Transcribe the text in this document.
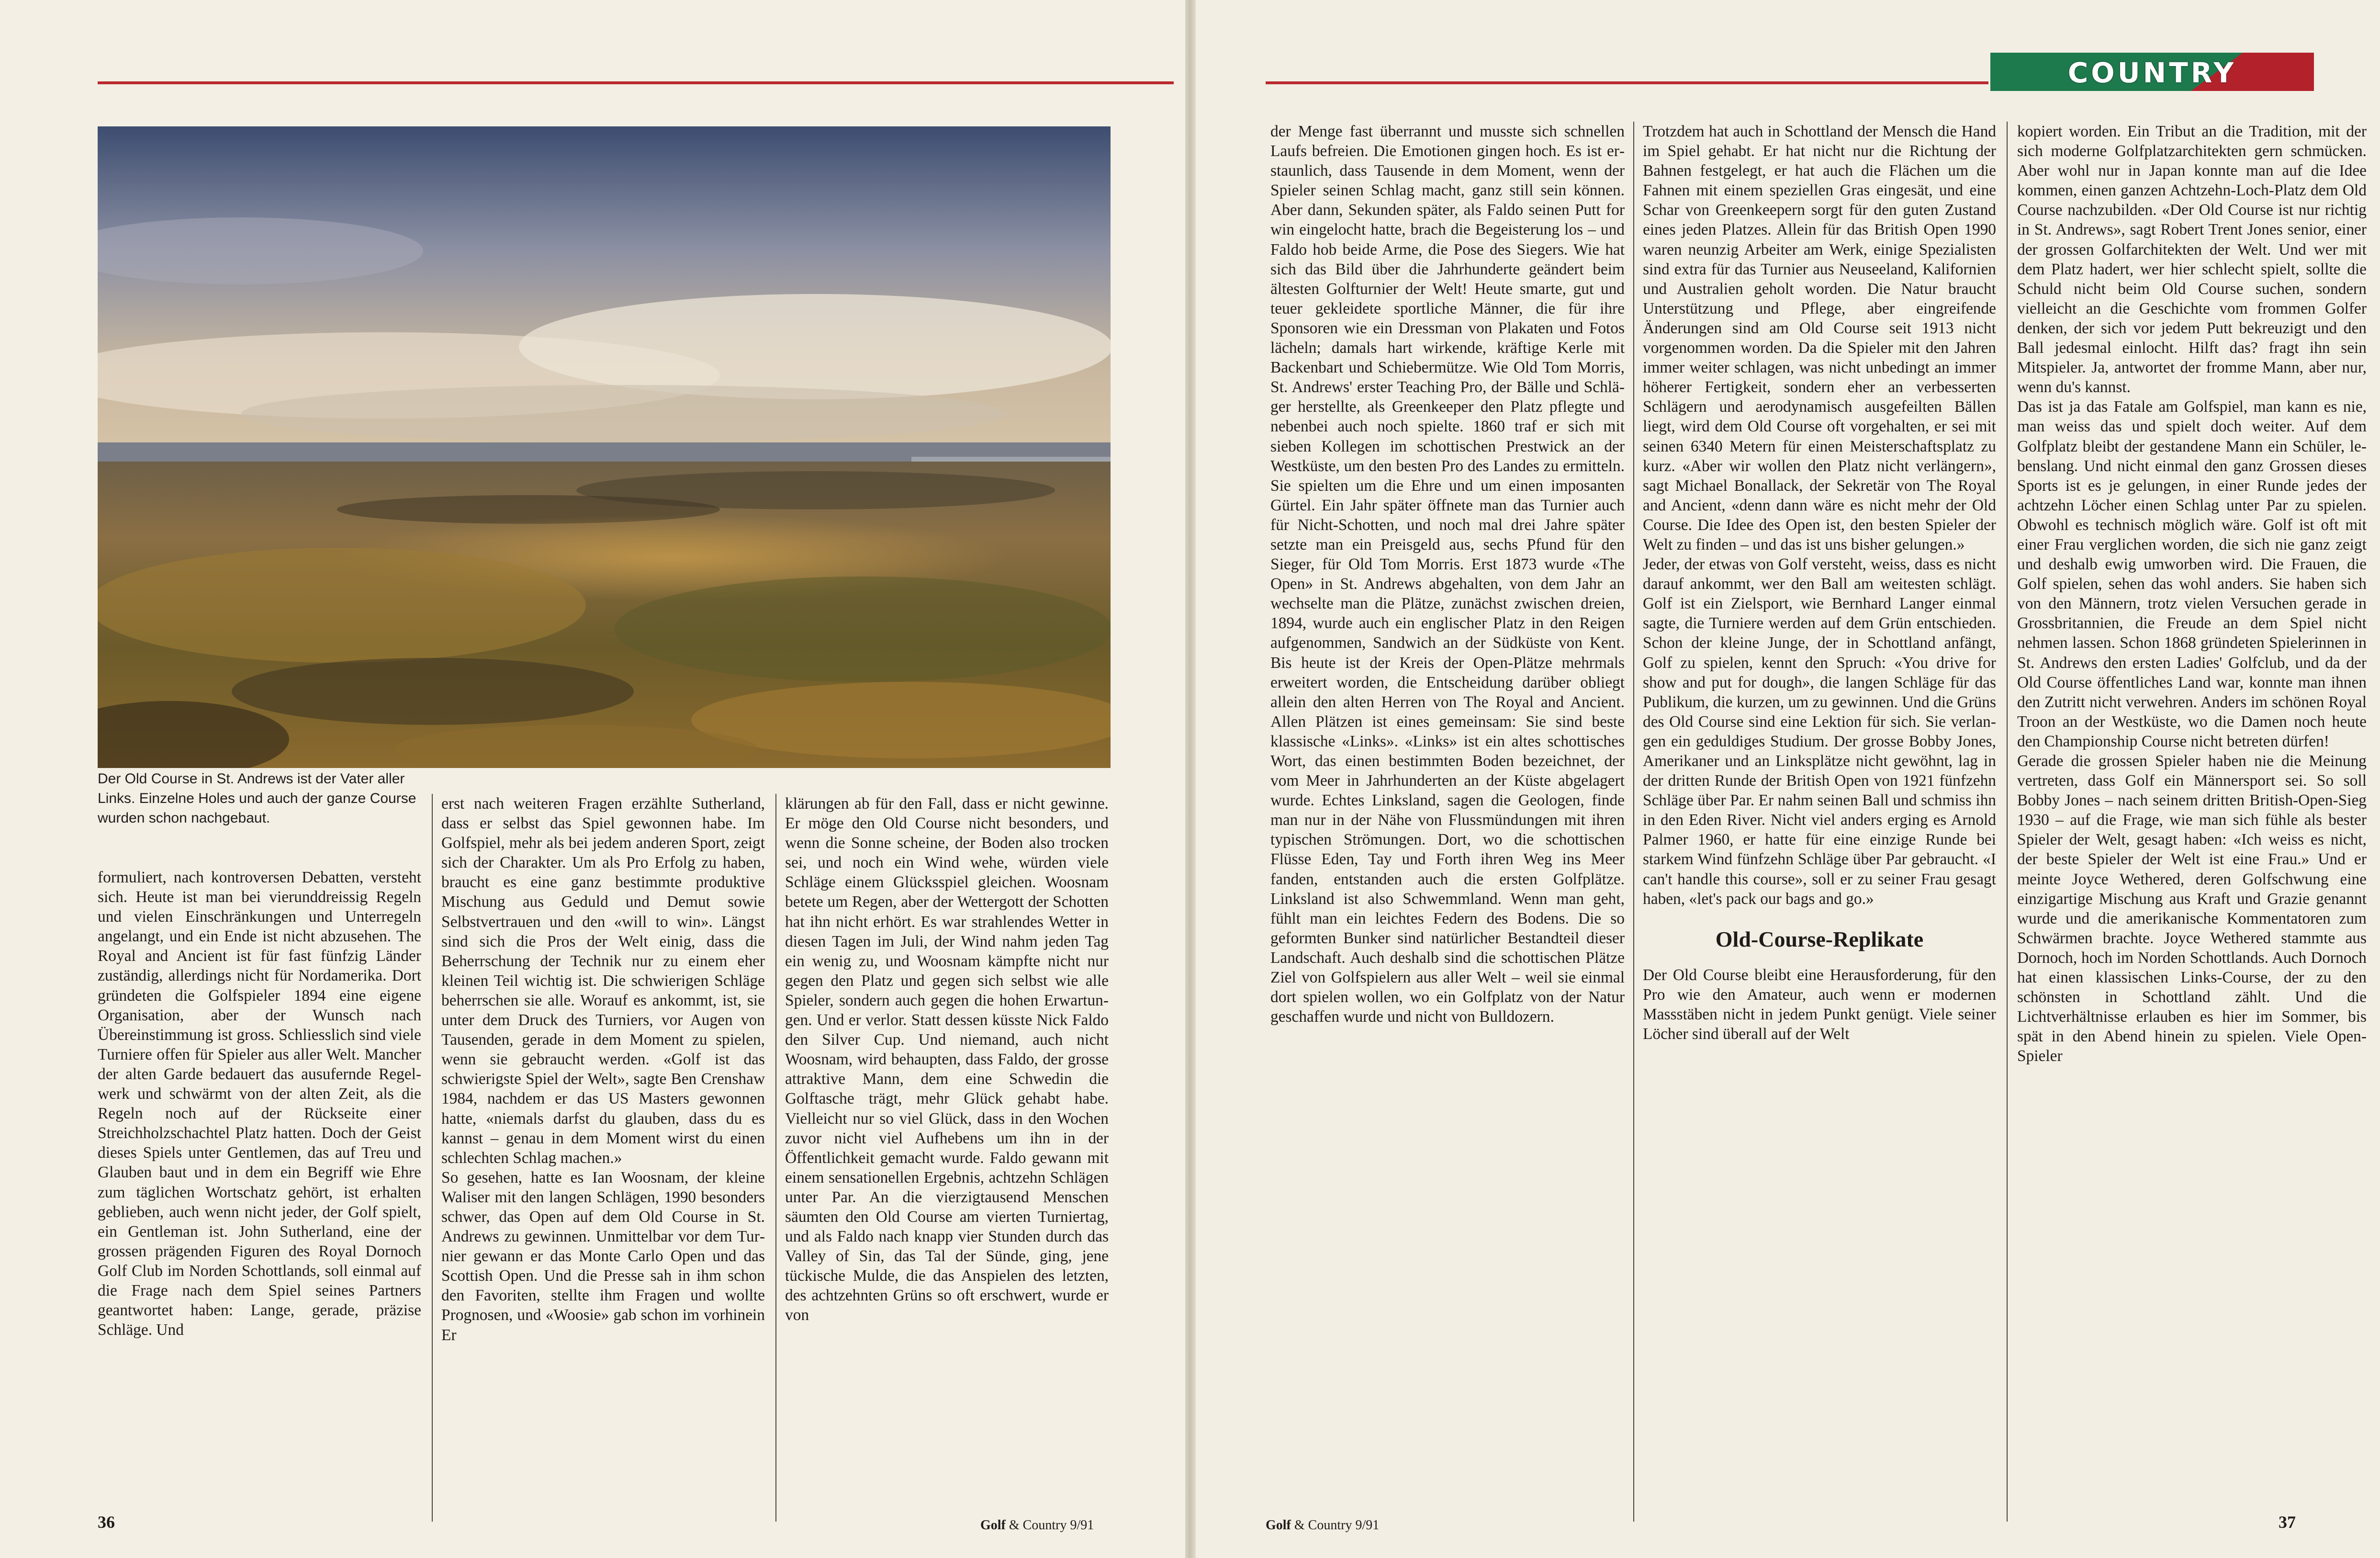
COUNTRY
Der Old Course in St. Andrews ist der Vater aller Links. Einzelne Holes und auch der ganze Course wurden schon nachgebaut.

formuliert, nach kontroversen Debatten, versteht sich. Heute ist man bei vierunddreissig Regeln und vielen Einschränkungen und Unterregeln angelangt, und ein Ende ist nicht abzusehen. The Royal and Ancient ist für fast fünfzig Länder zuständig, allerdings nicht für Nordamerika. Dort gründeten die Golfspieler 1894 eine eigene Organisation, aber der Wunsch nach Übereinstimmung ist gross. Schliesslich sind viele Turniere offen für Spieler aus aller Welt. Mancher der alten Garde bedauert das ausufernde Regelwerk und schwärmt von der alten Zeit, als die Regeln noch auf der Rückseite einer Streichholzschachtel Platz hatten. Doch der Geist dieses Spiels unter Gentlemen, das auf Treu und Glauben baut und in dem ein Begriff wie Ehre zum täglichen Wortschatz gehört, ist erhalten geblieben, auch wenn nicht jeder, der Golf spielt, ein Gentleman ist. John Sutherland, eine der grossen prägenden Figuren des Royal Dornoch Golf Club im Norden Schottlands, soll einmal auf die Frage nach dem Spiel seines Partners geantwortet haben: Lange, gerade, präzise Schläge. Und

erst nach weiteren Fragen erzählte Sutherland, dass er selbst das Spiel gewonnen habe. Im Golfspiel, mehr als bei jedem anderen Sport, zeigt sich der Charakter. Um als Pro Erfolg zu haben, braucht es eine ganz bestimmte produktive Mischung aus Geduld und Demut sowie Selbstvertrauen und den «will to win». Längst sind sich die Pros der Welt einig, dass die Beherrschung der Technik nur zu einem eher kleinen Teil wichtig ist. Die schwierigen Schläge beherrschen sie alle. Worauf es ankommt, ist, sie unter dem Druck des Turniers, vor Augen von Tausenden, gerade in dem Moment zu spielen, wenn sie gebraucht werden. «Golf ist das schwierigste Spiel der Welt», sagte Ben Crenshaw 1984, nachdem er das US Masters gewonnen hatte, «niemals darfst du glauben, dass du es kannst – genau in dem Moment wirst du einen schlechten Schlag machen.»

So gesehen, hatte es Ian Woosnam, der kleine Waliser mit den langen Schlägen, 1990 besonders schwer, das Open auf dem Old Course in St. Andrews zu gewinnen. Unmittelbar vor dem Turnier gewann er das Monte Carlo Open und das Scottish Open. Und die Presse sah in ihm schon den Favoriten, stellte ihm Fragen und wollte Prognosen, und «Woosie» gab schon im vorhinein Er

klärungen ab für den Fall, dass er nicht gewinne. Er möge den Old Course nicht besonders, und wenn die Sonne scheine, der Boden also trocken sei, und noch ein Wind wehe, würden viele Schläge einem Glücksspiel gleichen. Woosnam betete um Regen, aber der Wettergott der Schotten hat ihn nicht erhört. Es war strahlendes Wetter in diesen Tagen im Juli, der Wind nahm jeden Tag ein wenig zu, und Woosnam kämpfte nicht nur gegen den Platz und gegen sich selbst wie alle Spieler, sondern auch gegen die hohen Erwartungen. Und er verlor. Statt dessen küsste Nick Faldo den Silver Cup. Und niemand, auch nicht Woosnam, wird behaupten, dass Faldo, der grosse attraktive Mann, dem eine Schwedin die Golftasche trägt, mehr Glück gehabt habe. Vielleicht nur so viel Glück, dass in den Wochen zuvor nicht viel Aufhebens um ihn in der Öffentlichkeit gemacht wurde. Faldo gewann mit einem sensationellen Ergebnis, achtzehn Schlägen unter Par. An die vierzigtausend Menschen säumten den Old Course am vierten Turniertag, und als Faldo nach knapp vier Stunden durch das Valley of Sin, das Tal der Sünde, ging, jene tückische Mulde, die das Anspielen des letzten, des achtzehnten Grüns so oft erschwert, wurde er von

der Menge fast überrannt und musste sich schnellen Laufs befreien. Die Emotionen gingen hoch. Es ist erstaunlich, dass Tausende in dem Moment, wenn der Spieler seinen Schlag macht, ganz still sein können. Aber dann, Sekunden später, als Faldo seinen Putt for win eingelocht hatte, brach die Begeisterung los – und Faldo hob beide Arme, die Pose des Siegers. Wie hat sich das Bild über die Jahrhunderte geändert beim ältesten Golfturnier der Welt! Heute smarte, gut und teuer gekleidete sportliche Männer, die für ihre Sponsoren wie ein Dressman von Plakaten und Fotos lächeln; damals hart wirkende, kräftige Kerle mit Backenbart und Schiebermütze. Wie Old Tom Morris, St. Andrews' erster Teaching Pro, der Bälle und Schläger herstellte, als Greenkeeper den Platz pflegte und nebenbei auch noch spielte. 1860 traf er sich mit sieben Kollegen im schottischen Prestwick an der Westküste, um den besten Pro des Landes zu ermitteln. Sie spielten um die Ehre und um einen imposanten Gürtel. Ein Jahr später öffnete man das Turnier auch für Nicht-Schotten, und noch mal drei Jahre später setzte man ein Preisgeld aus, sechs Pfund für den Sieger, für Old Tom Morris. Erst 1873 wurde «The Open» in St. Andrews abgehalten, von dem Jahr an wechselte man die Plätze, zunächst zwischen dreien, 1894, wurde auch ein englischer Platz in den Reigen aufgenommen, Sandwich an der Südküste von Kent. Bis heute ist der Kreis der Open-Plätze mehrmals erweitert worden, die Entscheidung darüber obliegt allein den alten Herren von The Royal and Ancient. Allen Plätzen ist eines gemeinsam: Sie sind beste klassische «Links». «Links» ist ein altes schottisches Wort, das einen bestimmten Boden bezeichnet, der vom Meer in Jahrhunderten an der Küste abgelagert wurde. Echtes Linksland, sagen die Geologen, finde man nur in der Nähe von Flussmündungen mit ihren typischen Strömungen. Dort, wo die schottischen Flüsse Eden, Tay und Forth ihren Weg ins Meer fanden, entstanden auch die ersten Golfplätze. Linksland ist also Schwemmland. Wenn man geht, fühlt man ein leichtes Federn des Bodens. Die so geformten Bunker sind natürlicher Bestandteil dieser Landschaft. Auch deshalb sind die schottischen Plätze Ziel von Golfspielern aus aller Welt – weil sie einmal dort spielen wollen, wo ein Golfplatz von der Natur geschaffen wurde und nicht von Bulldozern.

Trotzdem hat auch in Schottland der Mensch die Hand im Spiel gehabt. Er hat nicht nur die Richtung der Bahnen festgelegt, er hat auch die Flächen um die Fahnen mit einem speziellen Gras eingesät, und eine Schar von Greenkeepern sorgt für den guten Zustand eines jeden Platzes. Allein für das British Open 1990 waren neunzig Arbeiter am Werk, einige Spezialisten sind extra für das Turnier aus Neuseeland, Kalifornien und Australien geholt worden. Die Natur braucht Unterstützung und Pflege, aber eingreifende Änderungen sind am Old Course seit 1913 nicht vorgenommen worden. Da die Spieler mit den Jahren immer weiter schlagen, was nicht unbedingt an immer höherer Fertigkeit, sondern eher an verbesserten Schlägern und aerodynamisch ausgefeilten Bällen liegt, wird dem Old Course oft vorgehalten, er sei mit seinen 6340 Metern für einen Meisterschaftsplatz zu kurz. «Aber wir wollen den Platz nicht verlängern», sagt Michael Bonallack, der Sekretär von The Royal and Ancient, «denn dann wäre es nicht mehr der Old Course. Die Idee des Open ist, den besten Spieler der Welt zu finden – und das ist uns bisher gelungen.»

Jeder, der etwas von Golf versteht, weiss, dass es nicht darauf ankommt, wer den Ball am weitesten schlägt. Golf ist ein Zielsport, wie Bernhard Langer einmal sagte, die Turniere werden auf dem Grün entschieden. Schon der kleine Junge, der in Schottland anfängt, Golf zu spielen, kennt den Spruch: «You drive for show and put for dough», die langen Schläge für das Publikum, die kurzen, um zu gewinnen. Und die Grüns des Old Course sind eine Lektion für sich. Sie verlangen ein geduldiges Studium. Der grosse Bobby Jones, Amerikaner und an Linksplätze nicht gewöhnt, lag in der dritten Runde der British Open von 1921 fünfzehn Schläge über Par. Er nahm seinen Ball und schmiss ihn in den Eden River. Nicht viel anders erging es Arnold Palmer 1960, er hatte für eine einzige Runde bei starkem Wind fünfzehn Schläge über Par gebraucht. «I can't handle this course», soll er zu seiner Frau gesagt haben, «let's pack our bags and go.»

Old-Course-Replikate

Der Old Course bleibt eine Herausforderung, für den Pro wie den Amateur, auch wenn er modernen Massstäben nicht in jedem Punkt genügt. Viele seiner Löcher sind überall auf der Welt

kopiert worden. Ein Tribut an die Tradition, mit der sich moderne Golfplatzarchitekten gern schmücken. Aber wohl nur in Japan konnte man auf die Idee kommen, einen ganzen Achtzehn-Loch-Platz dem Old Course nachzubilden. «Der Old Course ist nur richtig in St. Andrews», sagt Robert Trent Jones senior, einer der grossen Golfarchitekten der Welt. Und wer mit dem Platz hadert, wer hier schlecht spielt, sollte die Schuld nicht beim Old Course suchen, sondern vielleicht an die Geschichte vom frommen Golfer denken, der sich vor jedem Putt bekreuzigt und den Ball jedesmal einlocht. Hilft das? fragt ihn sein Mitspieler. Ja, antwortet der fromme Mann, aber nur, wenn du's kannst.

Das ist ja das Fatale am Golfspiel, man kann es nie, man weiss das und spielt doch weiter. Auf dem Golfplatz bleibt der gestandene Mann ein Schüler, lebenslang. Und nicht einmal den ganz Grossen dieses Sports ist es je gelungen, in einer Runde jedes der achtzehn Löcher einen Schlag unter Par zu spielen. Obwohl es technisch möglich wäre. Golf ist oft mit einer Frau verglichen worden, die sich nie ganz zeigt und deshalb ewig umworben wird. Die Frauen, die Golf spielen, sehen das wohl anders. Sie haben sich von den Männern, trotz vielen Versuchen gerade in Grossbritannien, die Freude an dem Spiel nicht nehmen lassen. Schon 1868 gründeten Spielerinnen in St. Andrews den ersten Ladies' Golfclub, und da der Old Course öffentliches Land war, konnte man ihnen den Zutritt nicht verwehren. Anders im schönen Royal Troon an der Westküste, wo die Damen noch heute den Championship Course nicht betreten dürfen!

Gerade die grossen Spieler haben nie die Meinung vertreten, dass Golf ein Männersport sei. So soll Bobby Jones – nach seinem dritten British-Open-Sieg 1930 – auf die Frage, wie man sich fühle als bester Spieler der Welt, gesagt haben: «Ich weiss es nicht, der beste Spieler der Welt ist eine Frau.» Und er meinte Joyce Wethered, deren Golfschwung eine einzigartige Mischung aus Kraft und Grazie genannt wurde und die amerikanische Kommentatoren zum Schwärmen brachte. Joyce Wethered stammte aus Dornoch, hoch im Norden Schottlands. Auch Dornoch hat einen klassischen Links-Course, der zu den schönsten in Schottland zählt. Und die Lichtverhältnisse erlauben es hier im Sommer, bis spät in den Abend hinein zu spielen. Viele Open-Spieler

36	37
Golf & Country 9/91	Golf & Country 9/91
